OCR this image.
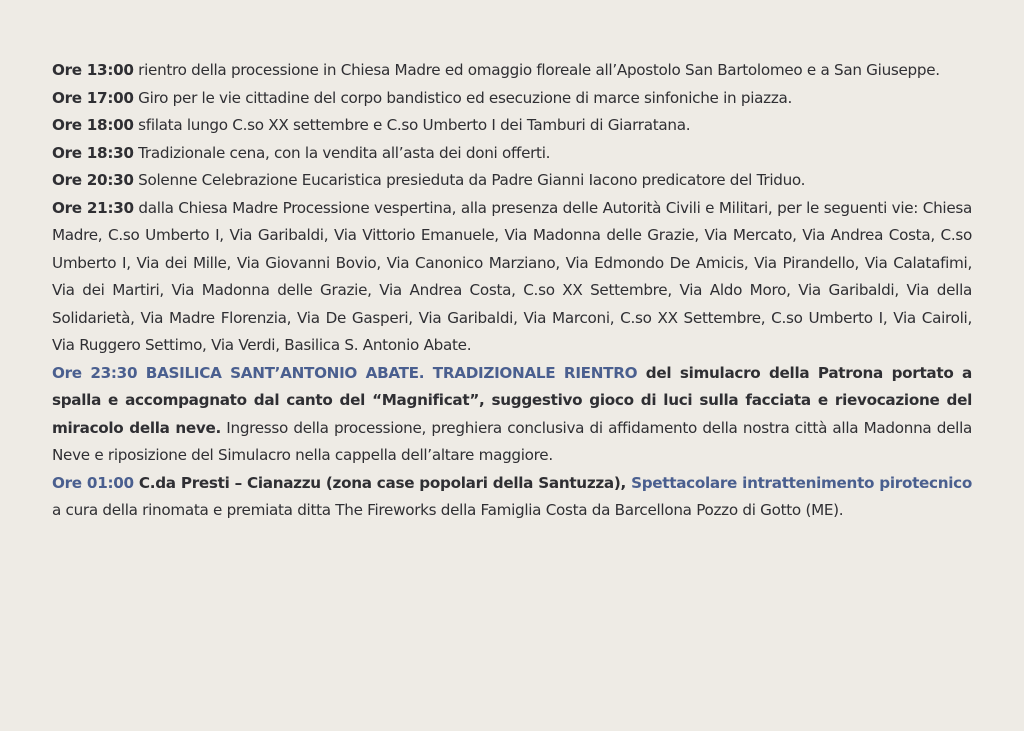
Ore 13:00 rientro della processione in Chiesa Madre ed omaggio floreale all’Apostolo San Bartolomeo e a San Giuseppe.

Ore 17:00 Giro per le vie cittadine del corpo bandistico ed esecuzione di marce sinfoniche in piazza.

Ore 18:00 sfilata lungo C.so XX settembre e C.so Umberto I dei Tamburi di Giarratana.

Ore 18:30 Tradizionale cena, con la vendita all’asta dei doni offerti.

Ore 20:30 Solenne Celebrazione Eucaristica presieduta da Padre Gianni Iacono predicatore del Triduo.

Ore 21:30 dalla Chiesa Madre Processione vespertina, alla presenza delle Autorità Civili e Militari, per le seguenti vie: Chiesa Madre, C.so Umberto I, Via Garibaldi, Via Vittorio Emanuele, Via Madonna delle Grazie, Via Mercato, Via Andrea Costa, C.so Umberto I, Via dei Mille, Via Giovanni Bovio, Via Canonico Marziano, Via Edmondo De Amicis, Via Pirandello, Via Calatafimi, Via dei Martiri, Via Madonna delle Grazie, Via Andrea Costa, C.so XX Settembre, Via Aldo Moro, Via Garibaldi, Via della Solidarietà, Via Madre Florenzia, Via De Gasperi, Via Garibaldi, Via Marconi, C.so XX Settembre, C.so Umberto I, Via Cairoli, Via Ruggero Settimo, Via Verdi, Basilica S. Antonio Abate.

Ore 23:30 BASILICA SANT’ANTONIO ABATE. TRADIZIONALE RIENTRO del simulacro della Patrona portato a spalla e accompagnato dal canto del “Magnificat”, suggestivo gioco di luci sulla facciata e rievocazione del miracolo della neve. Ingresso della processione, preghiera conclusiva di affidamento della nostra città alla Madonna della Neve e riposizione del Simulacro nella cappella dell’altare maggiore.

Ore 01:00 C.da Presti – Cianazzu (zona case popolari della Santuzza), Spettacolare intrattenimento pirotecnico a cura della rinomata e premiata ditta The Fireworks della Famiglia Costa da Barcellona Pozzo di Gotto (ME).
